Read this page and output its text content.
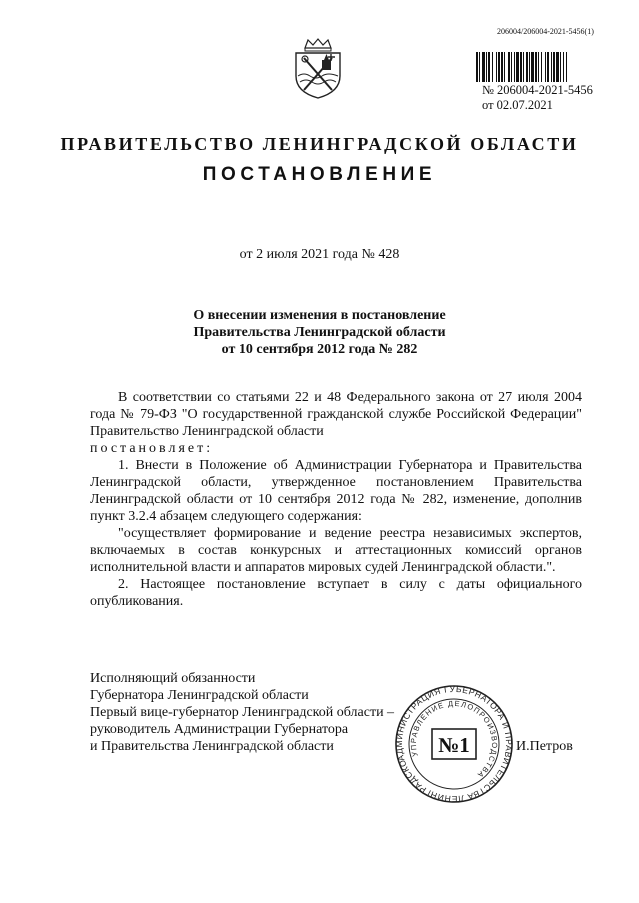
206004/206004-2021-5456(1)
№ 206004-2021-5456
от 02.07.2021
ПРАВИТЕЛЬСТВО ЛЕНИНГРАДСКОЙ ОБЛАСТИ
ПОСТАНОВЛЕНИЕ
от 2 июля 2021 года № 428
О внесении изменения в постановление
Правительства Ленинградской области
от 10 сентября 2012 года № 282

В соответствии со статьями 22 и 48 Федерального закона от 27 июля 2004 года № 79-ФЗ "О государственной гражданской службе Российской Федерации" Правительство Ленинградской области
постановляет:

1. Внести в Положение об Администрации Губернатора и Правительства Ленинградской области, утвержденное постановлением Правительства Ленинградской области от 10 сентября 2012 года № 282, изменение, дополнив пункт 3.2.4 абзацем следующего содержания:

"осуществляет формирование и ведение реестра независимых экспертов, включаемых в состав конкурсных и аттестационных комиссий органов исполнительной власти и аппаратов мировых судей Ленинградской области.".

2. Настоящее постановление вступает в силу с даты официального опубликования.

Исполняющий обязанности
Губернатора Ленинградской области
Первый вице-губернатор Ленинградской области –
руководитель Администрации Губернатора
и Правительства Ленинградской области	И.Петров
АДМИНИСТРАЦИЯ ГУБЕРНАТОРА И ПРАВИТЕЛЬСТВА ЛЕНИНГРАДСКОЙ
УПРАВЛЕНИЕ ДЕЛОПРОИЗВОДСТВА
№1
